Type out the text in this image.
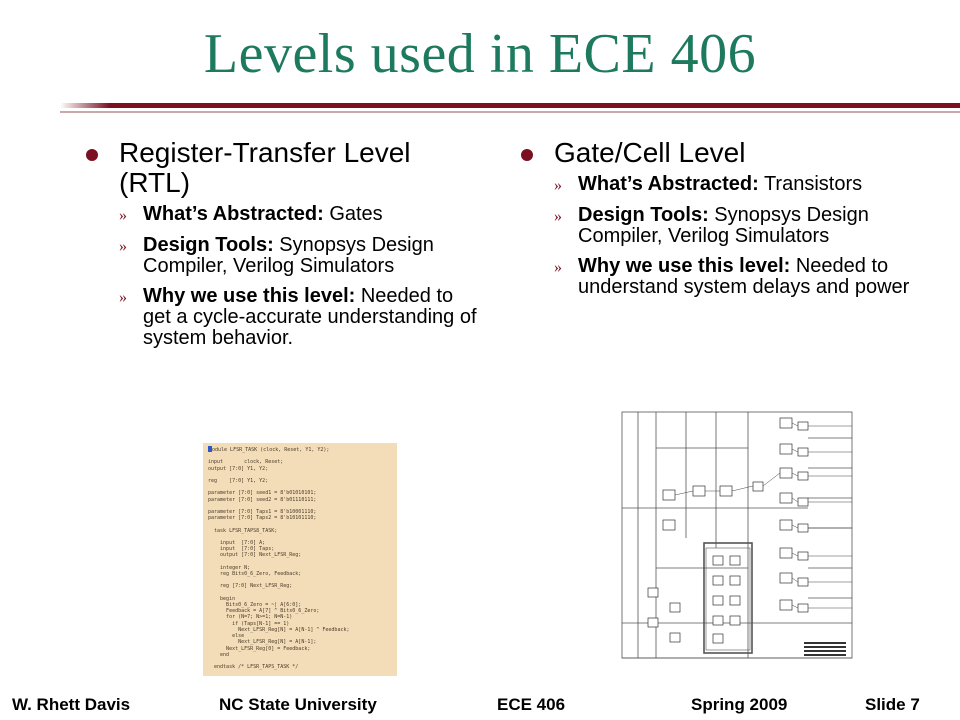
Levels used in ECE 406
Register-Transfer Level (RTL)
» What’s Abstracted: Gates
» Design Tools: Synopsys Design Compiler, Verilog Simulators
» Why we use this level: Needed to get a cycle-accurate understanding of system behavior.
Gate/Cell Level
» What’s Abstracted: Transistors
» Design Tools: Synopsys Design Compiler, Verilog Simulators
» Why we use this level: Needed to understand system delays and power
odule LFSR_TASK (clock, Reset, Y1, Y2);

input       clock, Reset;
output [7:0] Y1, Y2;

reg    [7:0] Y1, Y2;

parameter [7:0] seed1 = 8'b01010101;
parameter [7:0] seed2 = 8'b01110111;

parameter [7:0] Taps1 = 8'b10001110;
parameter [7:0] Taps2 = 8'b10101110;

task LFSR_TAPS8_TASK;

input  [7:0] A;
input  [7:0] Taps;
output [7:0] Next_LFSR_Reg;

integer N;
reg Bits0_6_Zero, Feedback;

reg [7:0] Next_LFSR_Reg;

begin
Bits0_6_Zero = ~| A[6:0];
Feedback = A[7] ^ Bits0_6_Zero;
for (N=7; N>=1; N=N-1)
if (Taps[N-1] == 1)
Next_LFSR_Reg[N] = A[N-1] ^ Feedback;
else
Next_LFSR_Reg[N] = A[N-1];
Next_LFSR_Reg[0] = Feedback;
end

endtask /* LFSR_TAPS_TASK */
W. Rhett Davis	NC State University	ECE 406	Spring 2009	Slide 7
